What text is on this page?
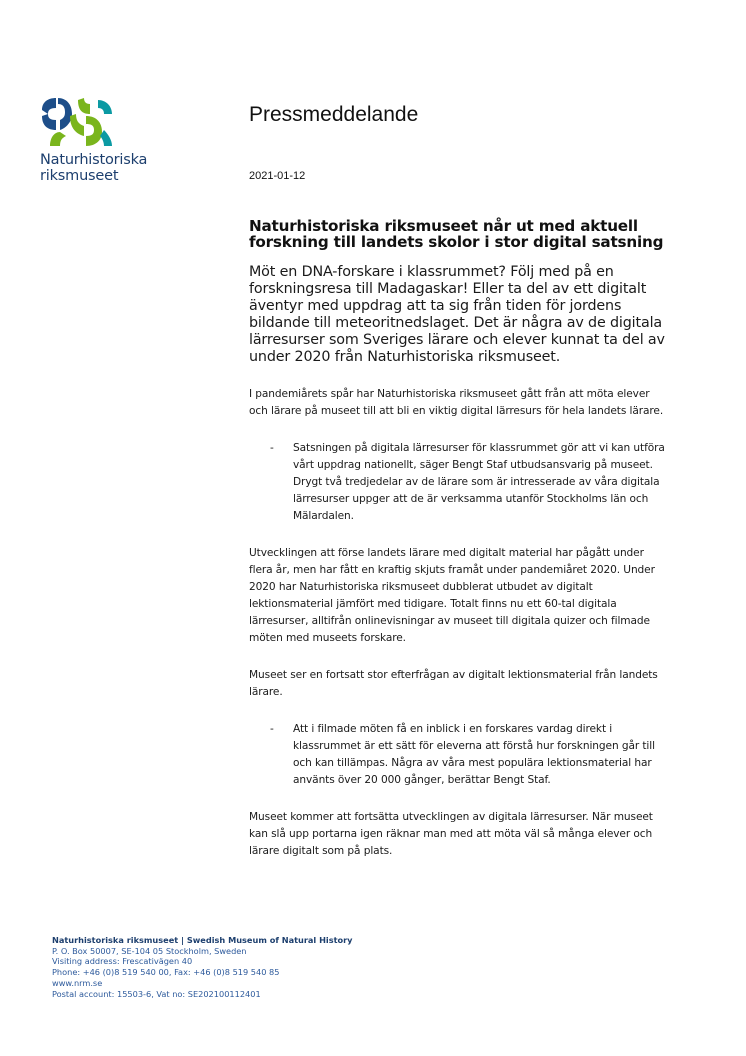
Naturhistoriska
riksmuseet
Pressmeddelande
2021-01-12
Naturhistoriska riksmuseet når ut med aktuell
forskning till landets skolor i stor digital satsning

Möt en DNA-forskare i klassrummet? Följ med på en forskningsresa till Madagaskar! Eller ta del av ett digitalt äventyr med uppdrag att ta sig från tiden för jordens bildande till meteoritnedslaget. Det är några av de digitala lärresurser som Sveriges lärare och elever kunnat ta del av under 2020 från Naturhistoriska riksmuseet.

I pandemiårets spår har Naturhistoriska riksmuseet gått från att möta elever och lärare på museet till att bli en viktig digital lärresurs för hela landets lärare.

- Satsningen på digitala lärresurser för klassrummet gör att vi kan utföra vårt uppdrag nationellt, säger Bengt Staf utbudsansvarig på museet. Drygt två tredjedelar av de lärare som är intresserade av våra digitala lärresurser uppger att de är verksamma utanför Stockholms län och Mälardalen.

Utvecklingen att förse landets lärare med digitalt material har pågått under flera år, men har fått en kraftig skjuts framåt under pandemiåret 2020. Under 2020 har Naturhistoriska riksmuseet dubblerat utbudet av digitalt lektionsmaterial jämfört med tidigare. Totalt finns nu ett 60-tal digitala lärresurser, alltifrån onlinevisningar av museet till digitala quizer och filmade möten med museets forskare.

Museet ser en fortsatt stor efterfrågan av digitalt lektionsmaterial från landets lärare.

- Att i filmade möten få en inblick i en forskares vardag direkt i klassrummet är ett sätt för eleverna att förstå hur forskningen går till och kan tillämpas. Några av våra mest populära lektionsmaterial har använts över 20 000 gånger, berättar Bengt Staf.

Museet kommer att fortsätta utvecklingen av digitala lärresurser. När museet kan slå upp portarna igen räknar man med att möta väl så många elever och lärare digitalt som på plats.

Naturhistoriska riksmuseet | Swedish Museum of Natural History
P. O. Box 50007, SE-104 05 Stockholm, Sweden
Visiting address: Frescativägen 40
Phone: +46 (0)8 519 540 00, Fax: +46 (0)8 519 540 85
www.nrm.se
Postal account: 15503-6, Vat no: SE202100112401
